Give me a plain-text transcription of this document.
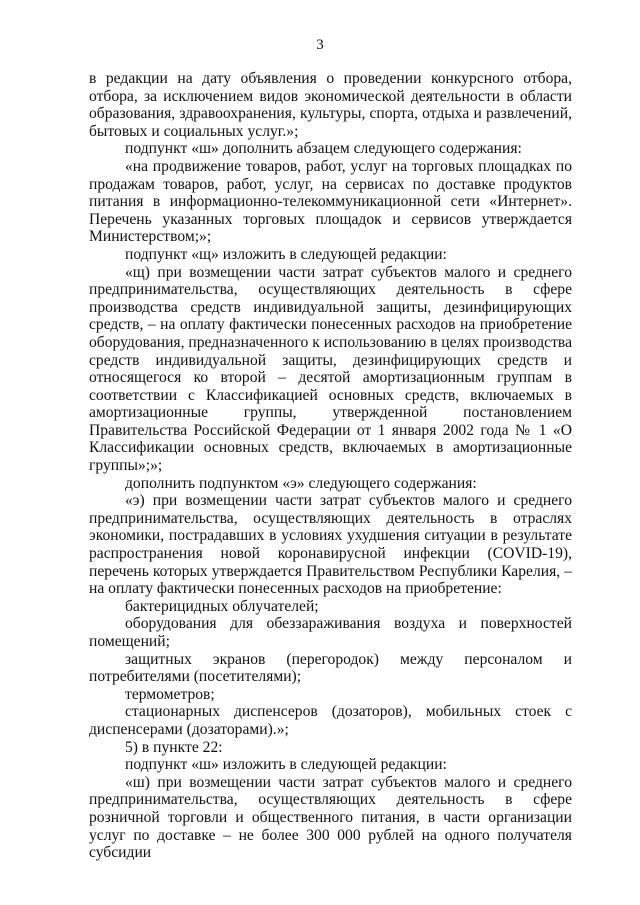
3

в редакции на дату объявления о проведении конкурсного отбора, отбора, за исключением видов экономической деятельности в области образования, здравоохранения, культуры, спорта, отдыха и развлечений, бытовых и социальных услуг.»;

подпункт «ш» дополнить абзацем следующего содержания:

«на продвижение товаров, работ, услуг на торговых площадках по продажам товаров, работ, услуг, на сервисах по доставке продуктов питания в информационно-телекоммуникационной сети «Интернет». Перечень указанных торговых площадок и сервисов утверждается Министерством;»;

подпункт «щ» изложить в следующей редакции:

«щ) при возмещении части затрат субъектов малого и среднего предпринимательства, осуществляющих деятельность в сфере производства средств индивидуальной защиты, дезинфицирующих средств, – на оплату фактически понесенных расходов на приобретение оборудования, предназначенного к использованию в целях производства средств индивидуальной защиты, дезинфицирующих средств и относящегося ко второй – десятой амортизационным группам в соответствии с Классификацией основных средств, включаемых в амортизационные группы, утвержденной постановлением Правительства Российской Федерации от 1 января 2002 года № 1 «О Классификации основных средств, включаемых в амортизационные группы»;»;

дополнить подпунктом «э» следующего содержания:

«э) при возмещении части затрат субъектов малого и среднего предпринимательства, осуществляющих деятельность в отраслях экономики, пострадавших в условиях ухудшения ситуации в результате распространения новой коронавирусной инфекции (COVID-19), перечень которых утверждается Правительством Республики Карелия, – на оплату фактически понесенных расходов на приобретение:

бактерицидных облучателей;

оборудования для обеззараживания воздуха и поверхностей помещений;

защитных экранов (перегородок) между персоналом и потребителями (посетителями);

термометров;

стационарных диспенсеров (дозаторов), мобильных стоек с диспенсерами (дозаторами).»;

5) в пункте 22:

подпункт «ш» изложить в следующей редакции:

«ш) при возмещении части затрат субъектов малого и среднего предпринимательства, осуществляющих деятельность в сфере розничной торговли и общественного питания, в части организации услуг по доставке – не более 300 000 рублей на одного получателя субсидии
